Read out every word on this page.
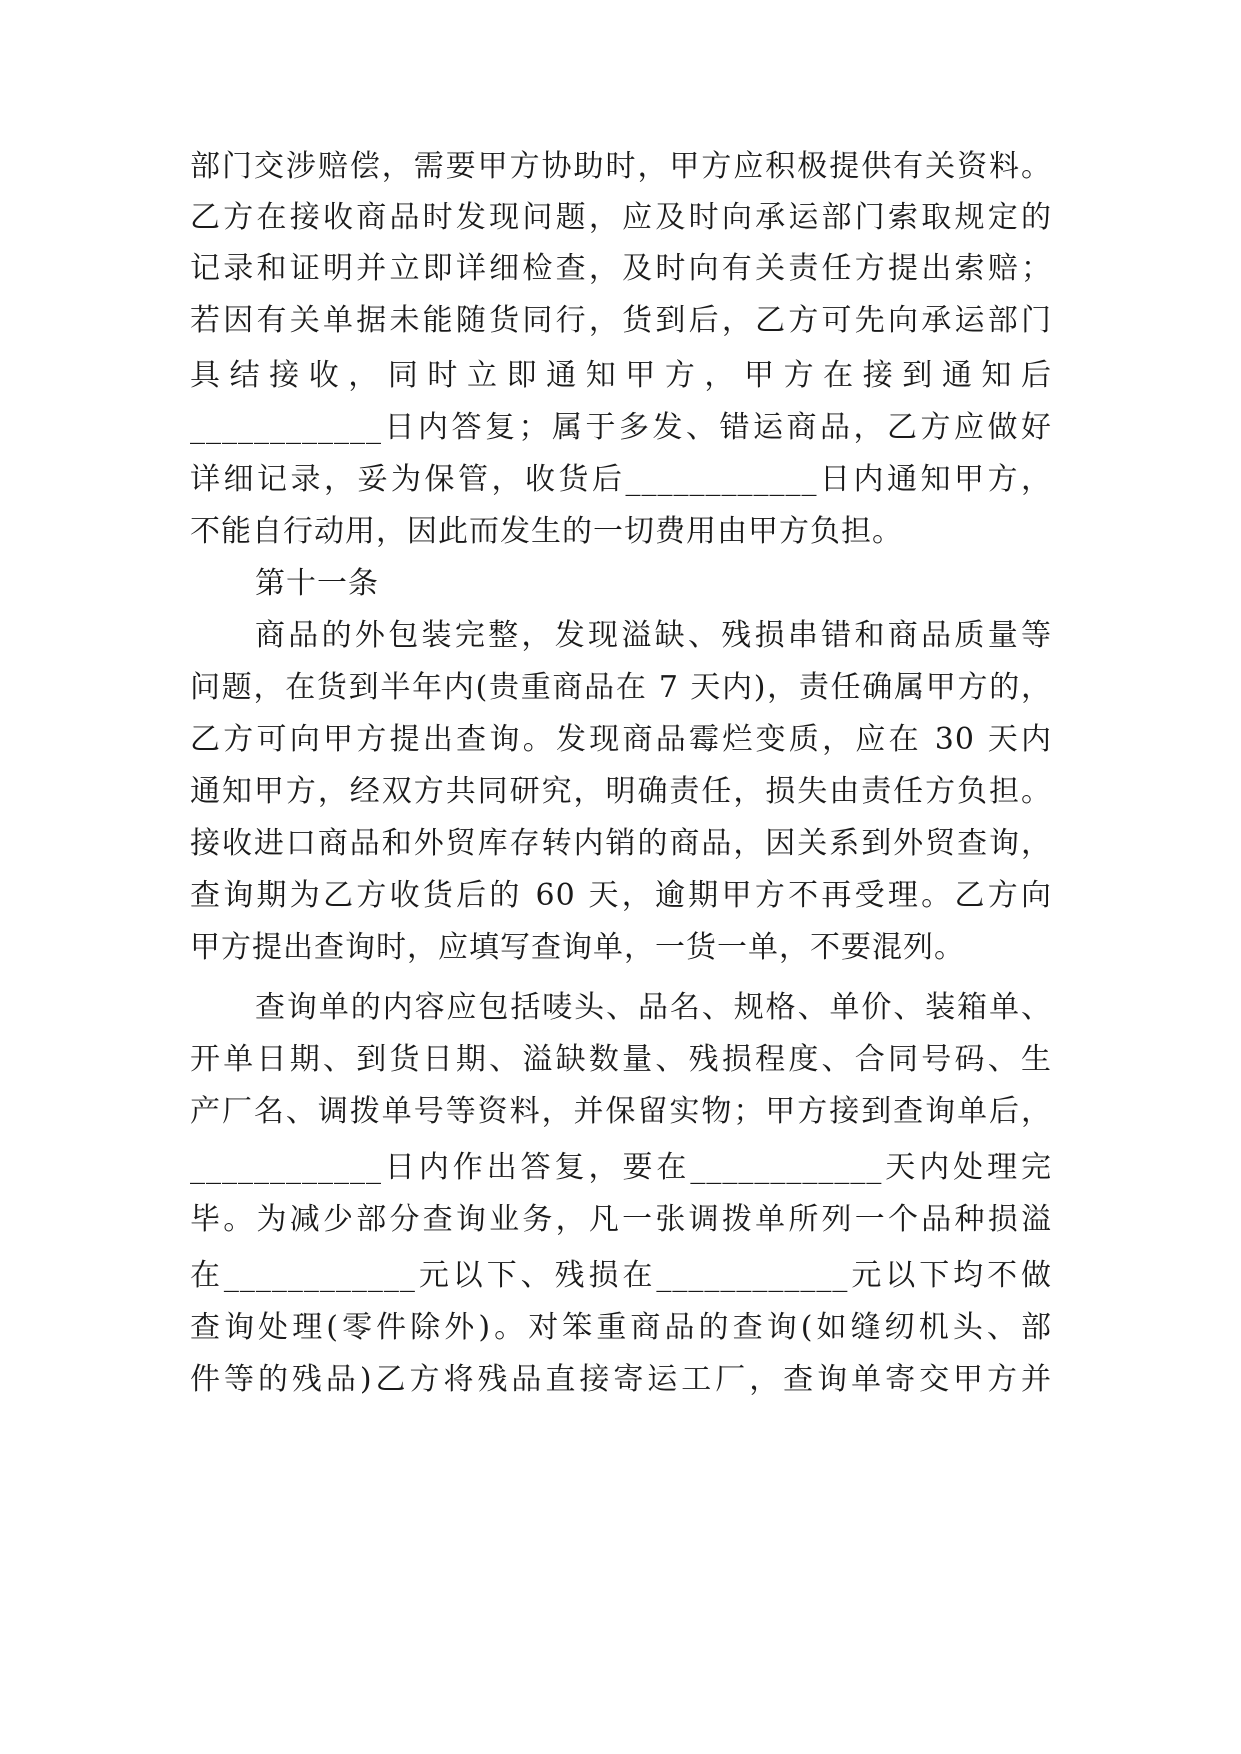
部门交涉赔偿，需要甲方协助时，甲方应积极提供有关资料。
乙方在接收商品时发现问题，应及时向承运部门索取规定的
记录和证明并立即详细检查，及时向有关责任方提出索赔；
若因有关单据未能随货同行，货到后，乙方可先向承运部门
具结接收，同时立即通知甲方，甲方在接到通知后
____________日内答复；属于多发、错运商品，乙方应做好
详细记录，妥为保管，收货后____________日内通知甲方，
不能自行动用，因此而发生的一切费用由甲方负担。
第十一条
商品的外包装完整，发现溢缺、残损串错和商品质量等
问题，在货到半年内(贵重商品在 7 天内)，责任确属甲方的，
乙方可向甲方提出查询。发现商品霉烂变质，应在 30 天内
通知甲方，经双方共同研究，明确责任，损失由责任方负担。
接收进口商品和外贸库存转内销的商品，因关系到外贸查询，
查询期为乙方收货后的 60 天，逾期甲方不再受理。乙方向
甲方提出查询时，应填写查询单，一货一单，不要混列。
查询单的内容应包括唛头、品名、规格、单价、装箱单、
开单日期、到货日期、溢缺数量、残损程度、合同号码、生
产厂名、调拨单号等资料，并保留实物；甲方接到查询单后，
____________日内作出答复，要在____________天内处理完
毕。为减少部分查询业务，凡一张调拨单所列一个品种损溢
在____________元以下、残损在____________元以下均不做
查询处理(零件除外)。对笨重商品的查询(如缝纫机头、部
件等的残品)乙方将残品直接寄运工厂，查询单寄交甲方并
